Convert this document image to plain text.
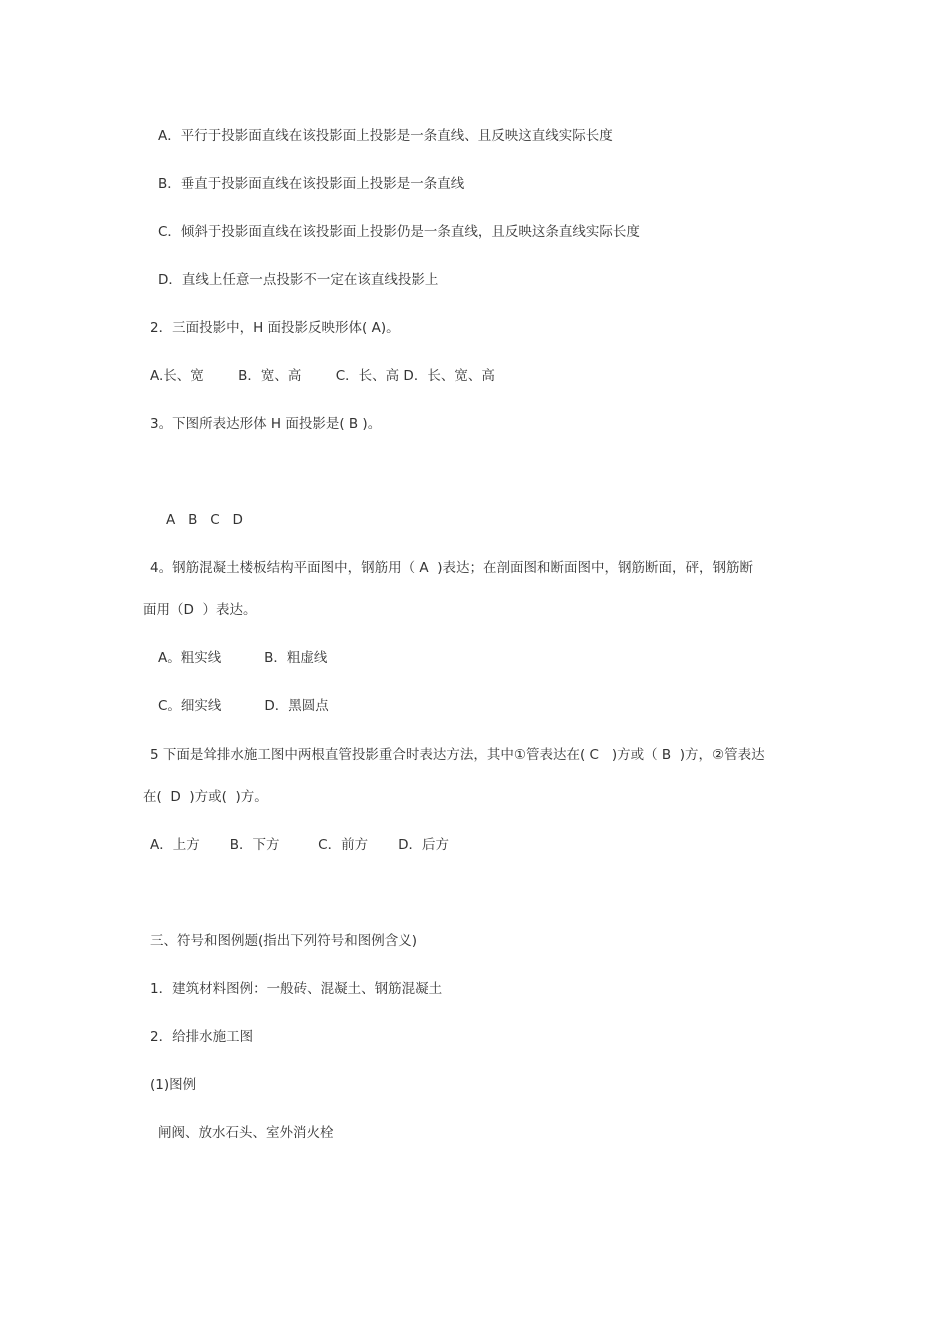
A．平行于投影面直线在该投影面上投影是一条直线、且反映这直线实际长度
B．垂直于投影面直线在该投影面上投影是一条直线
C．倾斜于投影面直线在该投影面上投影仍是一条直线，且反映这条直线实际长度
D．直线上任意一点投影不一定在该直线投影上
2．三面投影中，H 面投影反映形体( A)。
A.长、宽        B．宽、高        C．长、高 D．长、宽、高
3。下图所表达形体 H 面投影是( B )。
A   B   C   D
4。钢筋混凝土楼板结构平面图中，钢筋用（ A  )表达；在剖面图和断面图中，钢筋断面，砰，钢筋断
面用（D  ）表达。
A。粗实线          B．粗虚线
C。细实线          D．黑圆点
5 下面是耸排水施工图中两根直管投影重合时表达方法，其中①管表达在( C   )方或（ B  )方，②管表达
在(  D  )方或(  )方。
A．上方       B．下方         C．前方       D．后方
三、符号和图例题(指出下列符号和图例含义)
1．建筑材料图例：一般砖、混凝土、钢筋混凝土
2．给排水施工图
(1)图例
闸阀、放水石头、室外消火栓
